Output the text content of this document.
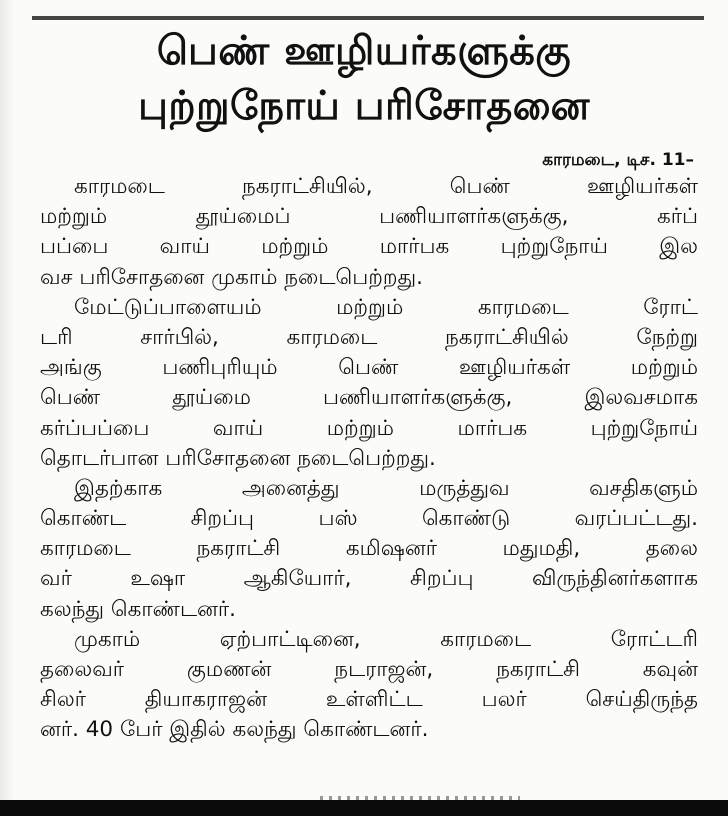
பெண் ஊழியர்களுக்கு
புற்றுநோய் பரிசோதனை
காரமடை, டிச. 11–
காரமடை நகராட்சியில், பெண் ஊழியர்கள்
மற்றும் தூய்மைப் பணியாளர்களுக்கு, கர்ப்
பப்பை வாய் மற்றும் மார்பக புற்றுநோய் இல
வச பரிசோதனை முகாம் நடைபெற்றது.
மேட்டுப்பாளையம் மற்றும் காரமடை ரோட்
டரி சார்பில், காரமடை நகராட்சியில் நேற்று
அங்கு பணிபுரியும் பெண் ஊழியர்கள் மற்றும்
பெண் தூய்மை பணியாளர்களுக்கு, இலவசமாக
கர்ப்பப்பை வாய் மற்றும் மார்பக புற்றுநோய்
தொடர்பான பரிசோதனை நடைபெற்றது.
இதற்காக அனைத்து மருத்துவ வசதிகளும்
கொண்ட சிறப்பு பஸ் கொண்டு வரப்பட்டது.
காரமடை நகராட்சி கமிஷனர் மதுமதி, தலை
வர் உஷா ஆகியோர், சிறப்பு விருந்தினர்களாக
கலந்து கொண்டனர்.
முகாம் ஏற்பாட்டினை, காரமடை ரோட்டரி
தலைவர் குமணன் நடராஜன், நகராட்சி கவுன்
சிலர் தியாகராஜன் உள்ளிட்ட பலர் செய்திருந்த
னர். 40 பேர் இதில் கலந்து கொண்டனர்.
